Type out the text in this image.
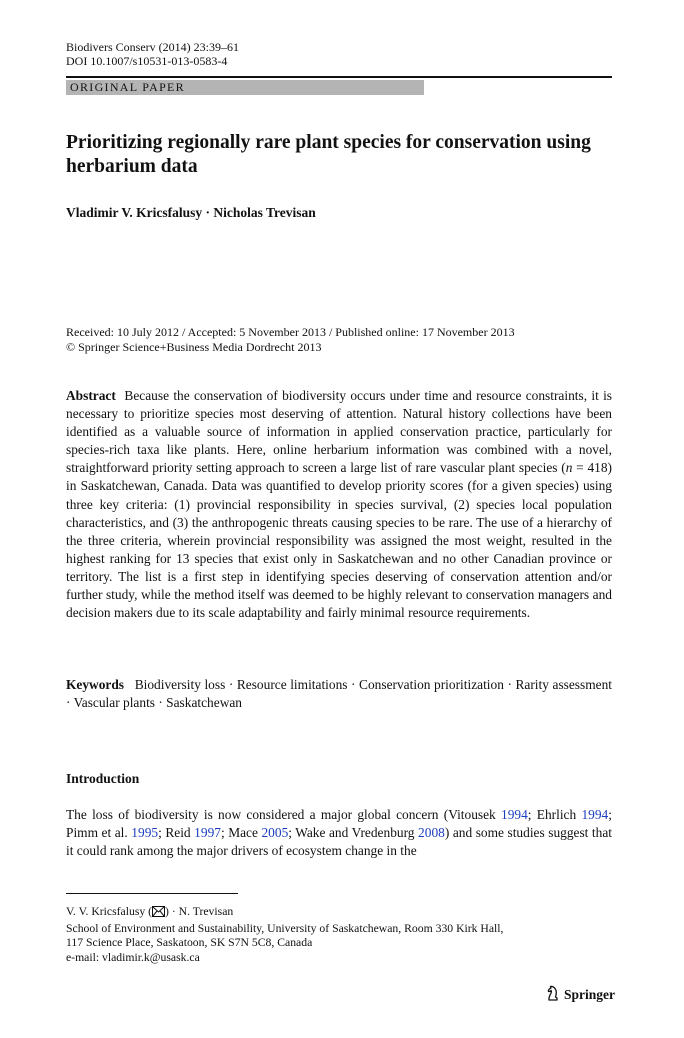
Biodivers Conserv (2014) 23:39–61
DOI 10.1007/s10531-013-0583-4
ORIGINAL PAPER
Prioritizing regionally rare plant species for conservation using herbarium data
Vladimir V. Kricsfalusy · Nicholas Trevisan
Received: 10 July 2012 / Accepted: 5 November 2013 / Published online: 17 November 2013
© Springer Science+Business Media Dordrecht 2013
Abstract Because the conservation of biodiversity occurs under time and resource constraints, it is necessary to prioritize species most deserving of attention. Natural history collections have been identified as a valuable source of information in applied conservation practice, particularly for species-rich taxa like plants. Here, online herbarium information was combined with a novel, straightforward priority setting approach to screen a large list of rare vascular plant species (n = 418) in Saskatchewan, Canada. Data was quantified to develop priority scores (for a given species) using three key criteria: (1) provincial responsibility in species survival, (2) species local population characteristics, and (3) the anthropogenic threats causing species to be rare. The use of a hierarchy of the three criteria, wherein provincial responsibility was assigned the most weight, resulted in the highest ranking for 13 species that exist only in Saskatchewan and no other Canadian province or territory. The list is a first step in identifying species deserving of conservation attention and/or further study, while the method itself was deemed to be highly relevant to conservation managers and decision makers due to its scale adaptability and fairly minimal resource requirements.
Keywords Biodiversity loss · Resource limitations · Conservation prioritization · Rarity assessment · Vascular plants · Saskatchewan
Introduction
The loss of biodiversity is now considered a major global concern (Vitousek 1994; Ehrlich 1994; Pimm et al. 1995; Reid 1997; Mace 2005; Wake and Vredenburg 2008) and some studies suggest that it could rank among the major drivers of ecosystem change in the
V. V. Kricsfalusy ( ) · N. Trevisan
School of Environment and Sustainability, University of Saskatchewan, Room 330 Kirk Hall,
117 Science Place, Saskatoon, SK S7N 5C8, Canada
e-mail: vladimir.k@usask.ca
Springer
